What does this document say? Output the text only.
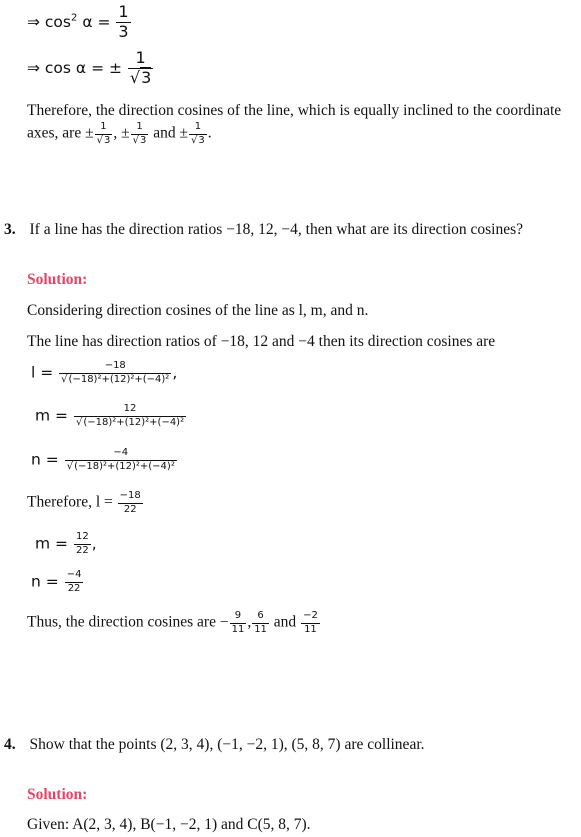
⇒ $\cos^2 \alpha = \frac{1}{3}$
⇒ cos α = ± $\frac{1}{√3}$
Therefore, the direction cosines of the line, which is equally inclined to the coordinate
axes, are ± $\frac{1}{√3}$ , ± $\frac{1}{√3}$ and ± $\frac{1}{√3}$ .
3. If a line has the direction ratios −18, 12, −4, then what are its direction cosines?
Solution:
Considering direction cosines of the line as l, m, and n.
The line has direction ratios of −18, 12 and −4 then its direction cosines are
$l = \frac{-18}{\text{√(−18)²+(12)²+(−4)²}}$ ,
$m = \frac{12}{\text{√(−18)²+(12)²+(−4)²}}$
$n = \frac{-4}{\text{√(−18)²+(12)²+(−4)²}}$
Therefore, $l = \frac{-18}{22}$
$m = \frac{12}{22}$ ,
$n = \frac{-4}{22}$
Thus, the direction cosines are − $\frac{9}{11}$ , $\frac{6}{11}$ and $\frac{-2}{11}$
4. Show that the points (2, 3, 4), (−1, −2, 1), (5, 8, 7) are collinear.
Solution:
Given: A(2, 3, 4), B(−1, −2, 1) and C(5, 8, 7).
